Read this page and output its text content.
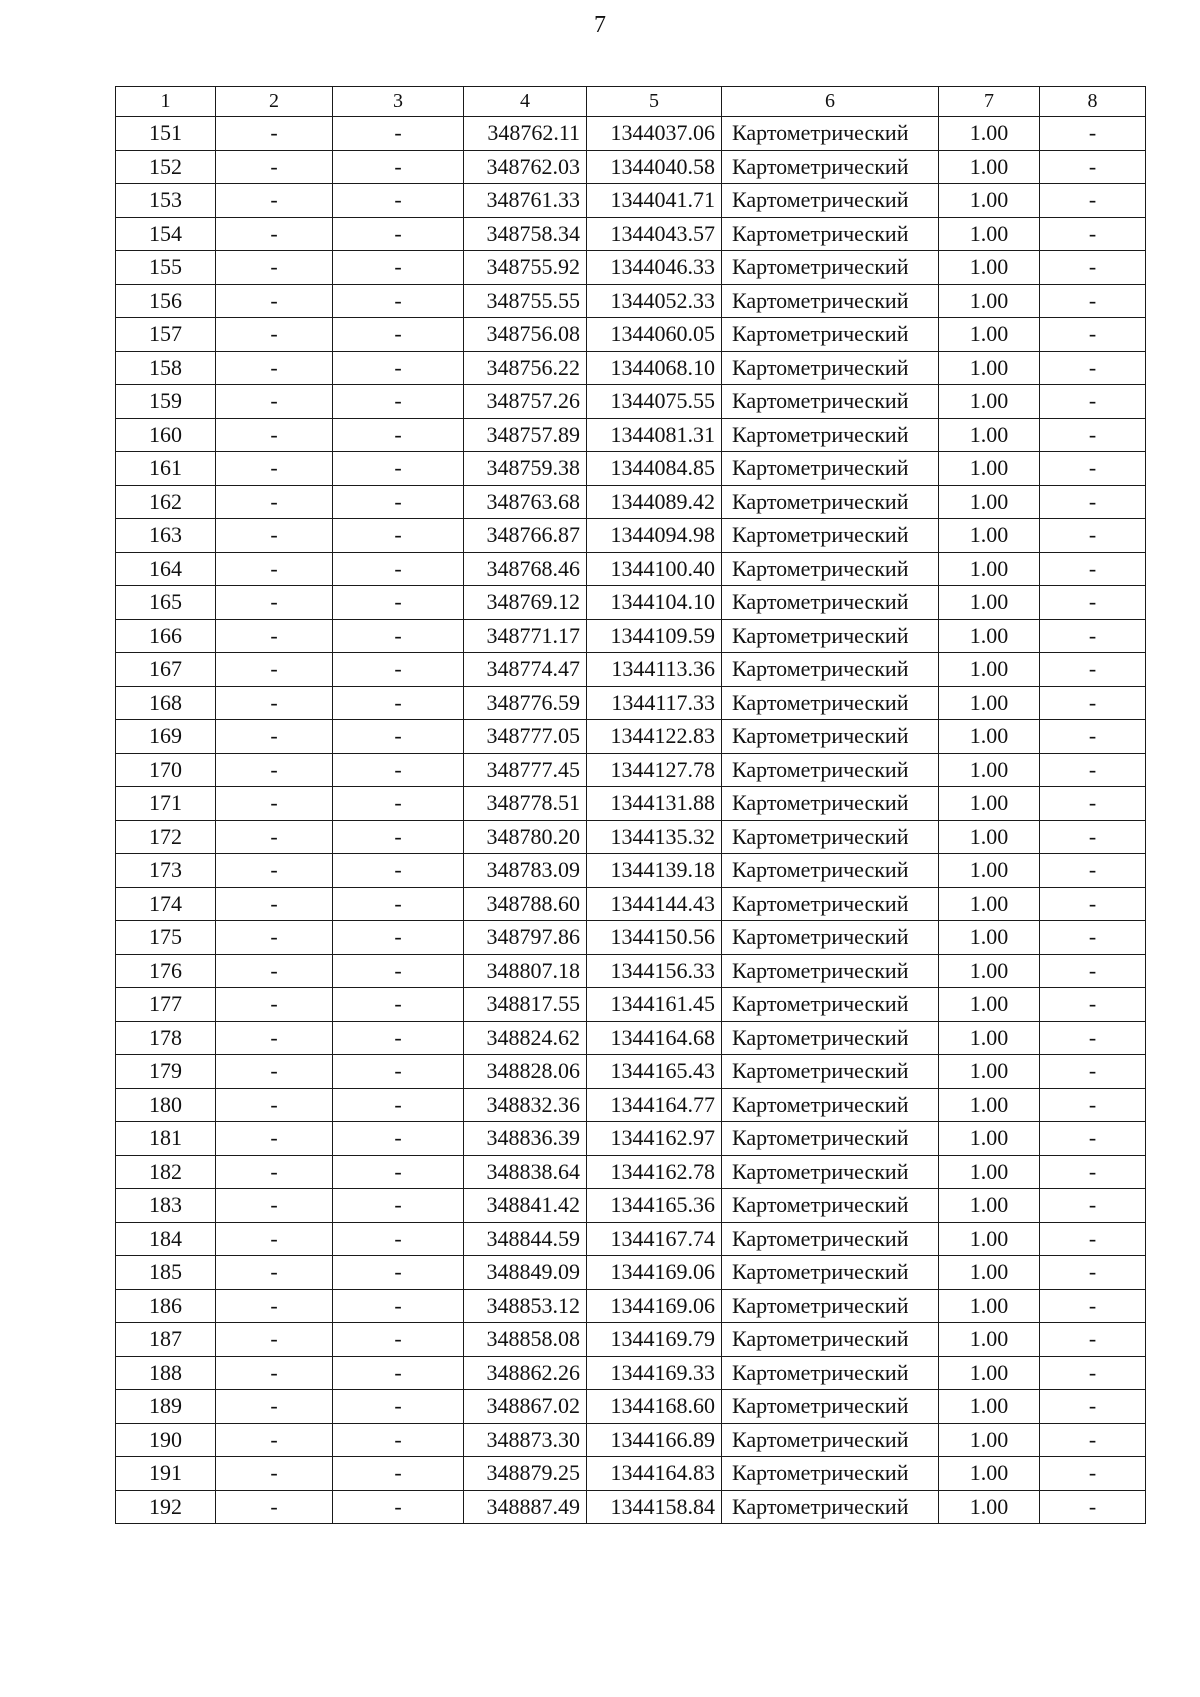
7
1	2	3	4	5	6	7	8
151	-	-	348762.11	1344037.06	Картометрический	1.00	-
152	-	-	348762.03	1344040.58	Картометрический	1.00	-
153	-	-	348761.33	1344041.71	Картометрический	1.00	-
154	-	-	348758.34	1344043.57	Картометрический	1.00	-
155	-	-	348755.92	1344046.33	Картометрический	1.00	-
156	-	-	348755.55	1344052.33	Картометрический	1.00	-
157	-	-	348756.08	1344060.05	Картометрический	1.00	-
158	-	-	348756.22	1344068.10	Картометрический	1.00	-
159	-	-	348757.26	1344075.55	Картометрический	1.00	-
160	-	-	348757.89	1344081.31	Картометрический	1.00	-
161	-	-	348759.38	1344084.85	Картометрический	1.00	-
162	-	-	348763.68	1344089.42	Картометрический	1.00	-
163	-	-	348766.87	1344094.98	Картометрический	1.00	-
164	-	-	348768.46	1344100.40	Картометрический	1.00	-
165	-	-	348769.12	1344104.10	Картометрический	1.00	-
166	-	-	348771.17	1344109.59	Картометрический	1.00	-
167	-	-	348774.47	1344113.36	Картометрический	1.00	-
168	-	-	348776.59	1344117.33	Картометрический	1.00	-
169	-	-	348777.05	1344122.83	Картометрический	1.00	-
170	-	-	348777.45	1344127.78	Картометрический	1.00	-
171	-	-	348778.51	1344131.88	Картометрический	1.00	-
172	-	-	348780.20	1344135.32	Картометрический	1.00	-
173	-	-	348783.09	1344139.18	Картометрический	1.00	-
174	-	-	348788.60	1344144.43	Картометрический	1.00	-
175	-	-	348797.86	1344150.56	Картометрический	1.00	-
176	-	-	348807.18	1344156.33	Картометрический	1.00	-
177	-	-	348817.55	1344161.45	Картометрический	1.00	-
178	-	-	348824.62	1344164.68	Картометрический	1.00	-
179	-	-	348828.06	1344165.43	Картометрический	1.00	-
180	-	-	348832.36	1344164.77	Картометрический	1.00	-
181	-	-	348836.39	1344162.97	Картометрический	1.00	-
182	-	-	348838.64	1344162.78	Картометрический	1.00	-
183	-	-	348841.42	1344165.36	Картометрический	1.00	-
184	-	-	348844.59	1344167.74	Картометрический	1.00	-
185	-	-	348849.09	1344169.06	Картометрический	1.00	-
186	-	-	348853.12	1344169.06	Картометрический	1.00	-
187	-	-	348858.08	1344169.79	Картометрический	1.00	-
188	-	-	348862.26	1344169.33	Картометрический	1.00	-
189	-	-	348867.02	1344168.60	Картометрический	1.00	-
190	-	-	348873.30	1344166.89	Картометрический	1.00	-
191	-	-	348879.25	1344164.83	Картометрический	1.00	-
192	-	-	348887.49	1344158.84	Картометрический	1.00	-
